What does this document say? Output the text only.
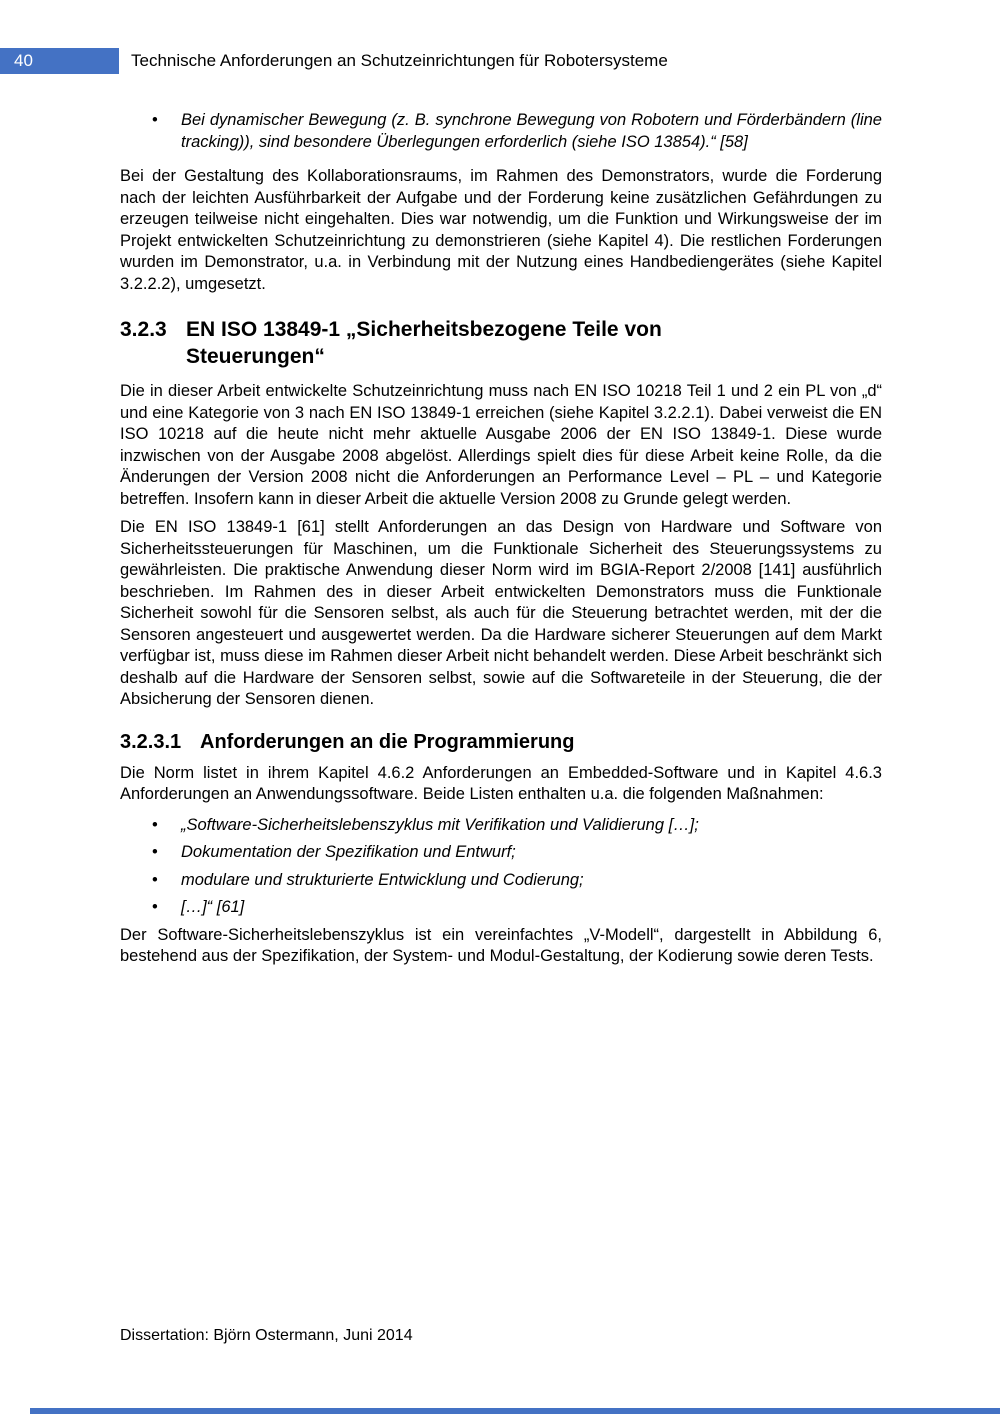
40	Technische Anforderungen an Schutzeinrichtungen für Robotersysteme
•	Bei dynamischer Bewegung (z. B. synchrone Bewegung von Robotern und Förderbändern (line tracking)), sind besondere Überlegungen erforderlich (siehe ISO 13854).“ [58]

Bei der Gestaltung des Kollaborationsraums, im Rahmen des Demonstrators, wurde die Forderung nach der leichten Ausführbarkeit der Aufgabe und der Forderung keine zusätzlichen Gefährdungen zu erzeugen teilweise nicht eingehalten. Dies war notwendig, um die Funktion und Wirkungsweise der im Projekt entwickelten Schutzeinrichtung zu demonstrieren (siehe Kapitel 4). Die restlichen Forderungen wurden im Demonstrator, u.a. in Verbindung mit der Nutzung eines Handbediengerätes (siehe Kapitel 3.2.2.2), umgesetzt.

3.2.3 EN ISO 13849-1 „Sicherheitsbezogene Teile von Steuerungen“

Die in dieser Arbeit entwickelte Schutzeinrichtung muss nach EN ISO 10218 Teil 1 und 2 ein PL von „d“ und eine Kategorie von 3 nach EN ISO 13849-1 erreichen (siehe Kapitel 3.2.2.1). Dabei verweist die EN ISO 10218 auf die heute nicht mehr aktuelle Ausgabe 2006 der EN ISO 13849-1. Diese wurde inzwischen von der Ausgabe 2008 abgelöst. Allerdings spielt dies für diese Arbeit keine Rolle, da die Änderungen der Version 2008 nicht die Anforderungen an Performance Level – PL – und Kategorie betreffen. Insofern kann in dieser Arbeit die aktuelle Version 2008 zu Grunde gelegt werden.

Die EN ISO 13849-1 [61] stellt Anforderungen an das Design von Hardware und Software von Sicherheitssteuerungen für Maschinen, um die Funktionale Sicherheit des Steuerungssystems zu gewährleisten. Die praktische Anwendung dieser Norm wird im BGIA-Report 2/2008 [141] ausführlich beschrieben. Im Rahmen des in dieser Arbeit entwickelten Demonstrators muss die Funktionale Sicherheit sowohl für die Sensoren selbst, als auch für die Steuerung betrachtet werden, mit der die Sensoren angesteuert und ausgewertet werden. Da die Hardware sicherer Steuerungen auf dem Markt verfügbar ist, muss diese im Rahmen dieser Arbeit nicht behandelt werden. Diese Arbeit beschränkt sich deshalb auf die Hardware der Sensoren selbst, sowie auf die Softwareteile in der Steuerung, die der Absicherung der Sensoren dienen.

3.2.3.1 Anforderungen an die Programmierung

Die Norm listet in ihrem Kapitel 4.6.2 Anforderungen an Embedded-Software und in Kapitel 4.6.3 Anforderungen an Anwendungssoftware. Beide Listen enthalten u.a. die folgenden Maßnahmen:

•	„Software-Sicherheitslebenszyklus mit Verifikation und Validierung […];
•	Dokumentation der Spezifikation und Entwurf;
•	modulare und strukturierte Entwicklung und Codierung;
•	[…]“ [61]

Der Software-Sicherheitslebenszyklus ist ein vereinfachtes „V-Modell“, dargestellt in Abbildung 6, bestehend aus der Spezifikation, der System- und Modul-Gestaltung, der Kodierung sowie deren Tests.

Dissertation: Björn Ostermann, Juni 2014
